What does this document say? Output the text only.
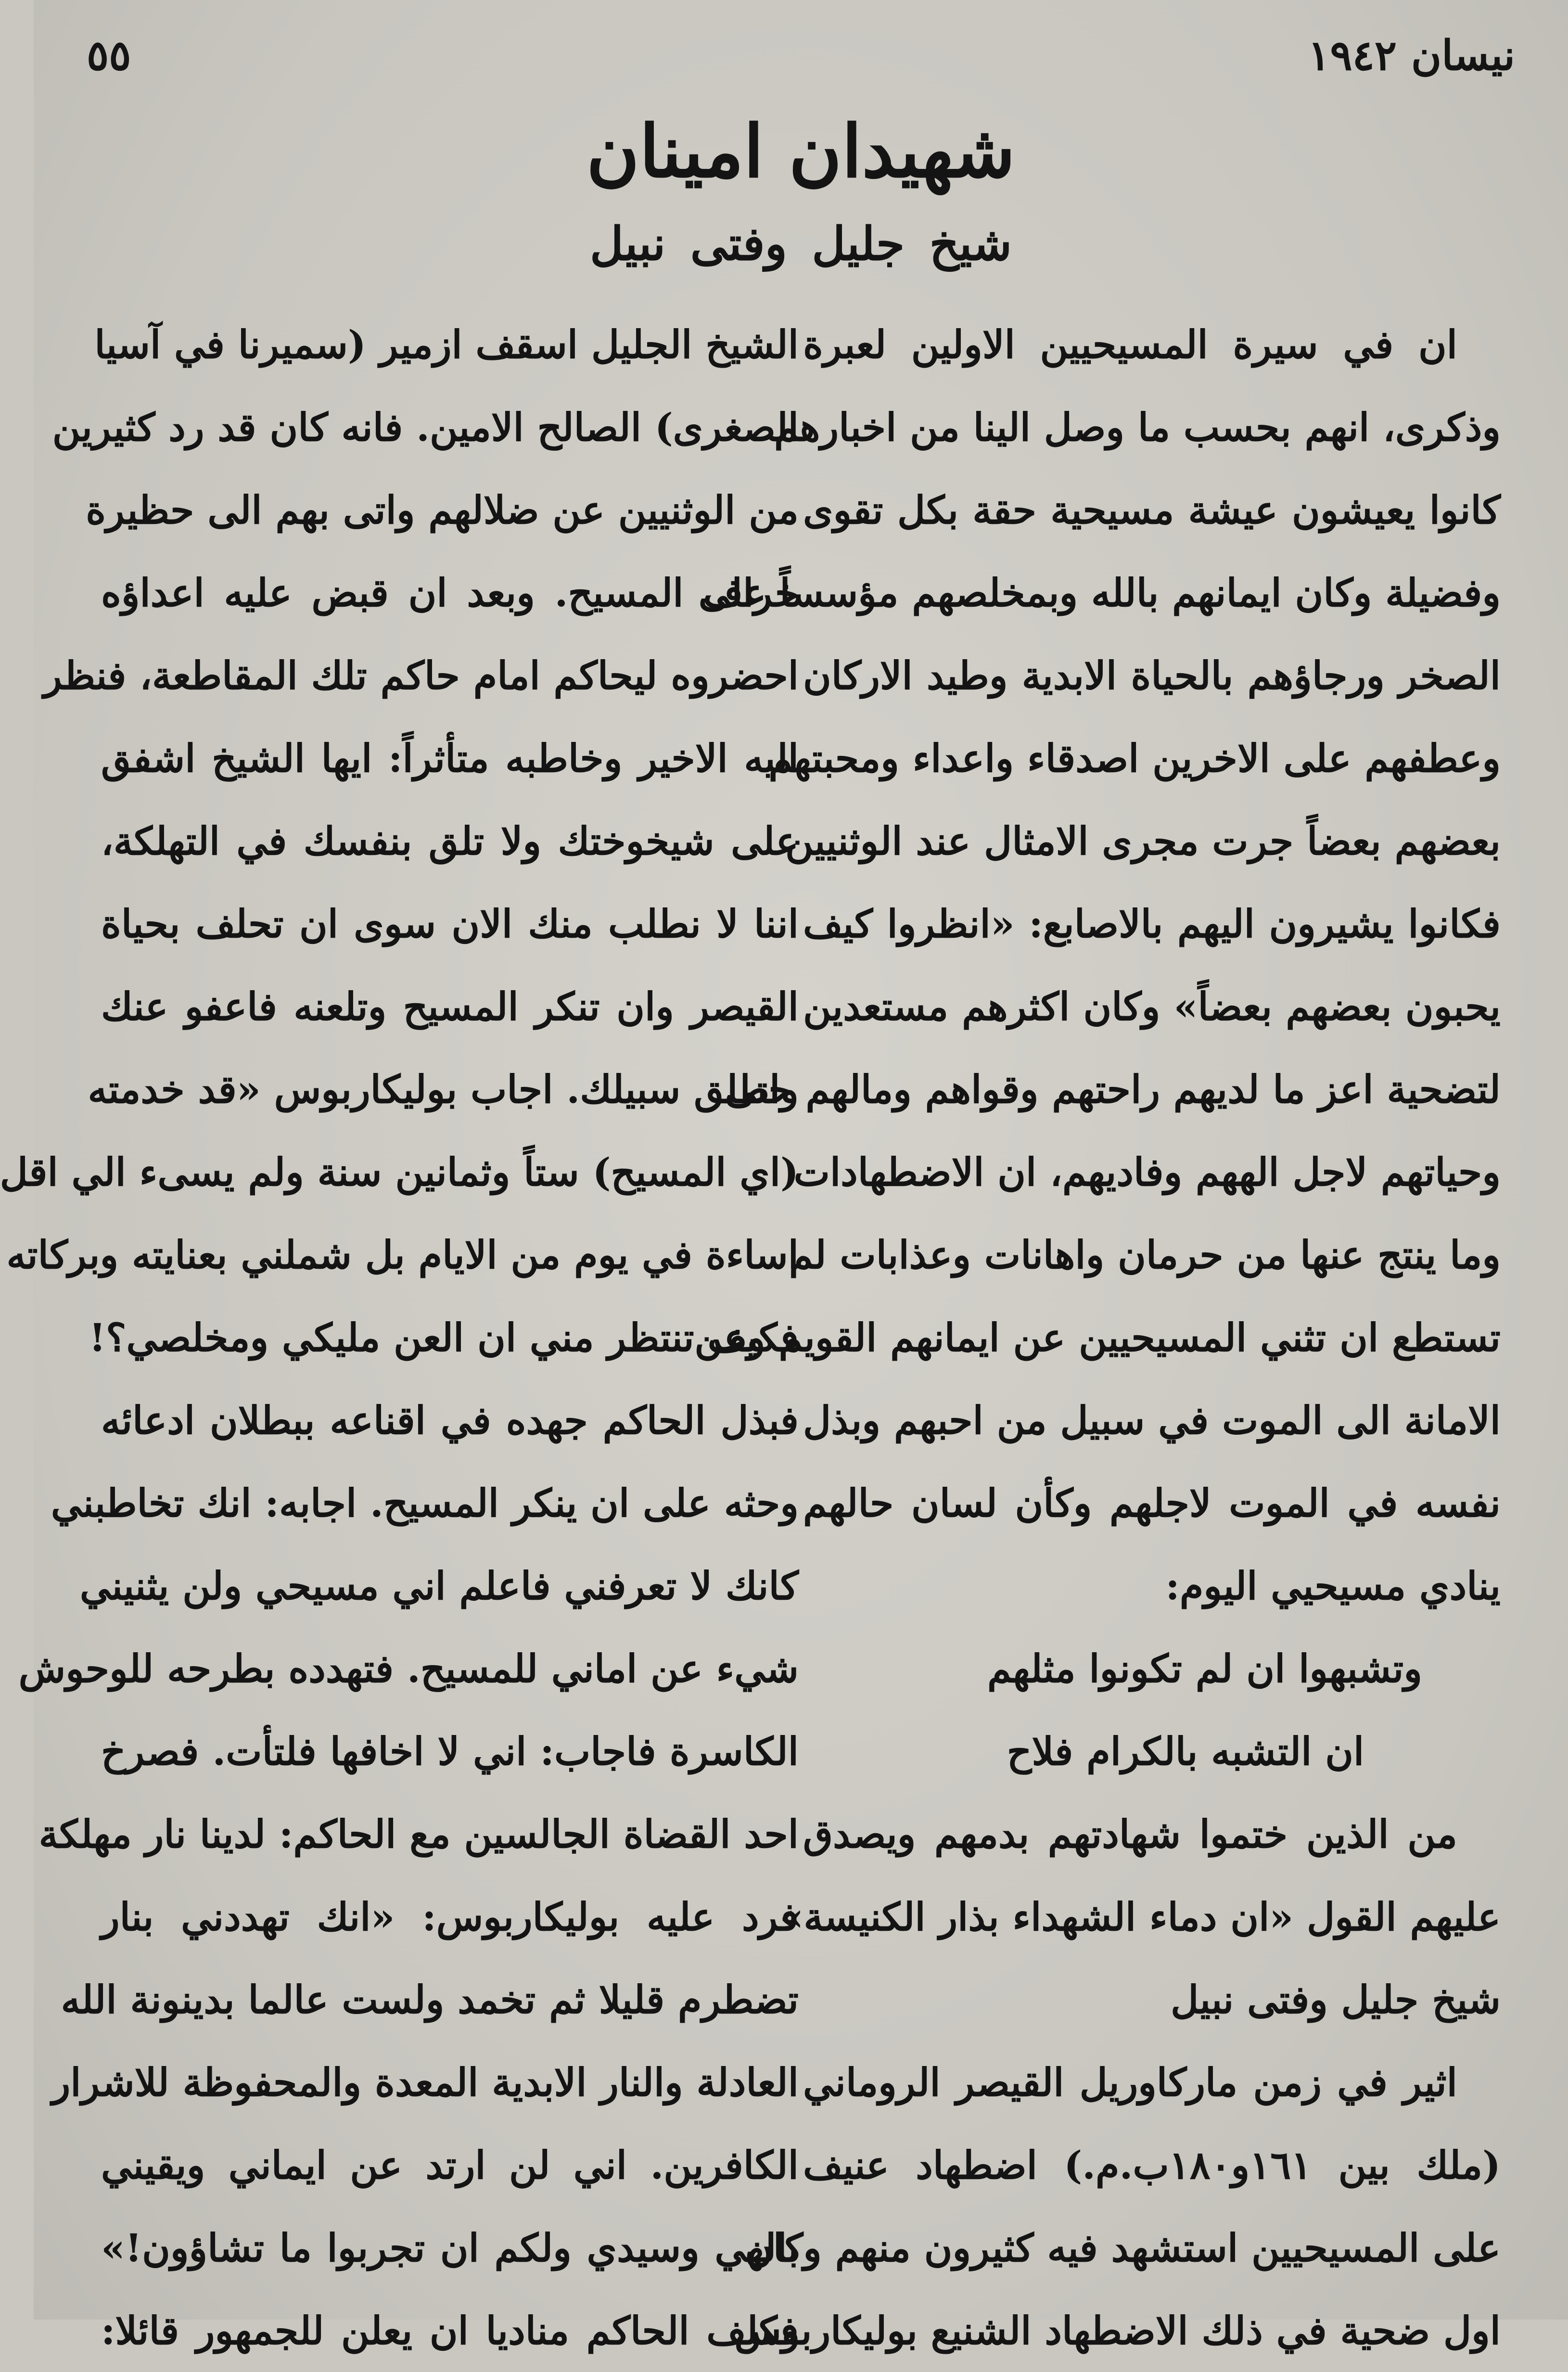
نيسان ١٩٤٢
٥٥
شهيدان امينان
شيخ جليل وفتى نبيل
ان في سيرة المسيحيين الاولين لعبرة
وذكرى، انهم بحسب ما وصل الينا من اخبارهم
كانوا يعيشون عيشة مسيحية حقة بكل تقوى
وفضيلة وكان ايمانهم بالله وبمخلصهم مؤسساً على
الصخر ورجاؤهم بالحياة الابدية وطيد الاركان
وعطفهم على الاخرين اصدقاء واعداء ومحبتهم
بعضهم بعضاً جرت مجرى الامثال عند الوثنيين
فكانوا يشيرون اليهم بالاصابع: «انظروا كيف
يحبون بعضهم بعضاً» وكان اكثرهم مستعدين
لتضحية اعز ما لديهم راحتهم وقواهم ومالهم حتى
وحياتهم لاجل الههم وفاديهم، ان الاضطهادات
وما ينتج عنها من حرمان واهانات وعذابات لم
تستطع ان تثني المسيحيين عن ايمانهم القويم وعن
الامانة الى الموت في سبيل من احبهم وبذل
نفسه في الموت لاجلهم وكأن لسان حالهم
ينادي مسيحيي اليوم:
وتشبهوا ان لم تكونوا مثلهم
ان التشبه بالكرام فلاح
من الذين ختموا شهادتهم بدمهم ويصدق
عليهم القول «ان دماء الشهداء بذار الكنيسة»
شيخ جليل وفتى نبيل
اثير في زمن ماركاوريل القيصر الروماني
(ملك بين ١٦١و١٨٠ب.م.) اضطهاد عنيف
على المسيحيين استشهد فيه كثيرون منهم وكان
اول ضحية في ذلك الاضطهاد الشنيع بوليكاربوس
الشيخ الجليل اسقف ازمير (سميرنا في آسيا
الصغرى) الصالح الامين. فانه كان قد رد كثيرين
من الوثنيين عن ضلالهم واتى بهم الى حظيرة
خراف المسيح. وبعد ان قبض عليه اعداؤه
احضروه ليحاكم امام حاكم تلك المقاطعة، فنظر
اليه الاخير وخاطبه متأثراً: ايها الشيخ اشفق
على شيخوختك ولا تلق بنفسك في التهلكة،
اننا لا نطلب منك الان سوى ان تحلف بحياة
القيصر وان تنكر المسيح وتلعنه فاعفو عنك
واطلق سبيلك. اجاب بوليكاربوس «قد خدمته
(اي المسيح) ستاً وثمانين سنة ولم يسىء الي اقل
اساءة في يوم من الايام بل شملني بعنايته وبركاته
فكيف تنتظر مني ان العن مليكي ومخلصي؟!
فبذل الحاكم جهده في اقناعه ببطلان ادعائه
وحثه على ان ينكر المسيح. اجابه: انك تخاطبني
كانك لا تعرفني فاعلم اني مسيحي ولن يثنيني
شيء عن اماني للمسيح. فتهدده بطرحه للوحوش
الكاسرة فاجاب: اني لا اخافها فلتأت. فصرخ
احد القضاة الجالسين مع الحاكم: لدينا نار مهلكة
فرد عليه بوليكاربوس: «انك تهددني بنار
تضطرم قليلا ثم تخمد ولست عالما بدينونة الله
العادلة والنار الابدية المعدة والمحفوظة للاشرار
الكافرين. اني لن ارتد عن ايماني ويقيني
بالهي وسيدي ولكم ان تجربوا ما تشاؤون!»
فكلف الحاكم مناديا ان يعلن للجمهور قائلا:
